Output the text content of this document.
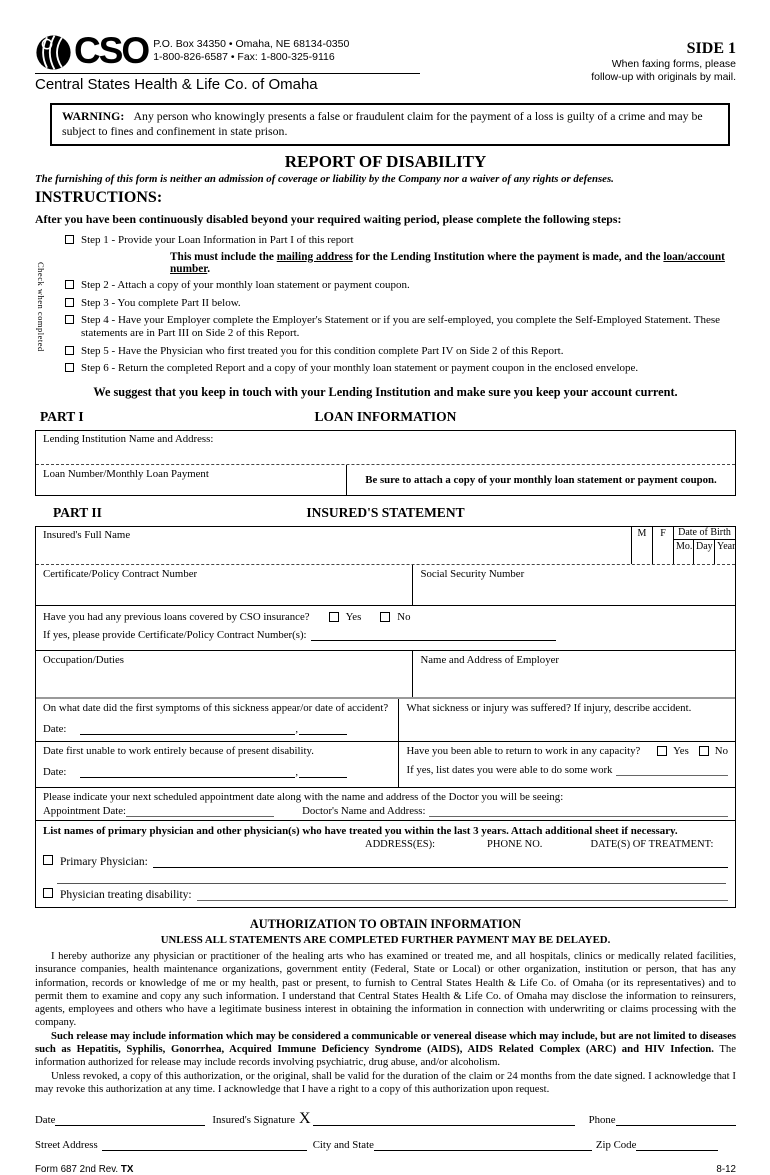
CSO P.O. Box 34350 • Omaha, NE 68134-0350
1-800-826-6587 • Fax: 1-800-325-9116
Central States Health & Life Co. of Omaha
SIDE 1
When faxing forms, please
follow-up with originals by mail.
WARNING: Any person who knowingly presents a false or fraudulent claim for the payment of a loss is guilty of a crime and may be subject to fines and confinement in state prison.
REPORT OF DISABILITY
The furnishing of this form is neither an admission of coverage or liability by the Company nor a waiver of any rights or defenses.
INSTRUCTIONS:
After you have been continuously disabled beyond your required waiting period, please complete the following steps:
Check when completed
Step 1 - Provide your Loan Information in Part I of this report
This must include the mailing address for the Lending Institution where the payment is made, and the loan/account number.
Step 2 - Attach a copy of your monthly loan statement or payment coupon.
Step 3 - You complete Part II below.
Step 4 - Have your Employer complete the Employer's Statement or if you are self-employed, you complete the Self-Employed Statement. These statements are in Part III on Side 2 of this Report.
Step 5 - Have the Physician who first treated you for this condition complete Part IV on Side 2 of this Report.
Step 6 - Return the completed Report and a copy of your monthly loan statement or payment coupon in the enclosed envelope.
We suggest that you keep in touch with your Lending Institution and make sure you keep your account current.
PART I	LOAN INFORMATION
Lending Institution Name and Address:
Loan Number/Monthly Loan Payment	Be sure to attach a copy of your monthly loan statement or payment coupon.
PART II	INSURED'S STATEMENT
Insured's Full Name	M	F	Date of Birth
Mo. Day Year
Certificate/Policy Contract Number	Social Security Number
Have you had any previous loans covered by CSO insurance?	Yes	No
If yes, please provide Certificate/Policy Contract Number(s):
Occupation/Duties	Name and Address of Employer
On what date did the first symptoms of this sickness appear/or date of accident?
Date:	,
What sickness or injury was suffered? If injury, describe accident.
Date first unable to work entirely because of present disability.
Date:	,
Have you been able to return to work in any capacity?	Yes No
If yes, list dates you were able to do some work
Please indicate your next scheduled appointment date along with the name and address of the Doctor you will be seeing:
Appointment Date:	Doctor's Name and Address:
List names of primary physician and other physician(s) who have treated you within the last 3 years. Attach additional sheet if necessary.
ADDRESS(ES):	PHONE NO.	DATE(S) OF TREATMENT:
Primary Physician:
Physician treating disability:
AUTHORIZATION TO OBTAIN INFORMATION
UNLESS ALL STATEMENTS ARE COMPLETED FURTHER PAYMENT MAY BE DELAYED.
I hereby authorize any physician or practitioner of the healing arts who has examined or treated me, and all hospitals, clinics or medically related facilities, insurance companies, health maintenance organizations, government entity (Federal, State or Local) or other organization, institution or person, that has any information, records or knowledge of me or my health, past or present, to furnish to Central States Health & Life Co. of Omaha (or its representatives) and to permit them to examine and copy any such information. I understand that Central States Health & Life Co. of Omaha may disclose the information to reinsurers, agents, employees and others who have a legitimate business interest in obtaining the information in connection with underwriting or claims processing with the company.
Such release may include information which may be considered a communicable or venereal disease which may include, but are not limited to diseases such as Hepatitis, Syphilis, Gonorrhea, Acquired Immune Deficiency Syndrome (AIDS), AIDS Related Complex (ARC) and HIV Infection. The information authorized for release may include records involving psychiatric, drug abuse, and/or alcoholism.
Unless revoked, a copy of this authorization, or the original, shall be valid for the duration of the claim or 24 months from the date signed. I acknowledge that I may revoke this authorization at any time. I acknowledge that I have a right to a copy of this authorization upon request.
Date	Insured's Signature X	Phone
Street Address	City and State	Zip Code
Form 687 2nd Rev. TX	8-12
